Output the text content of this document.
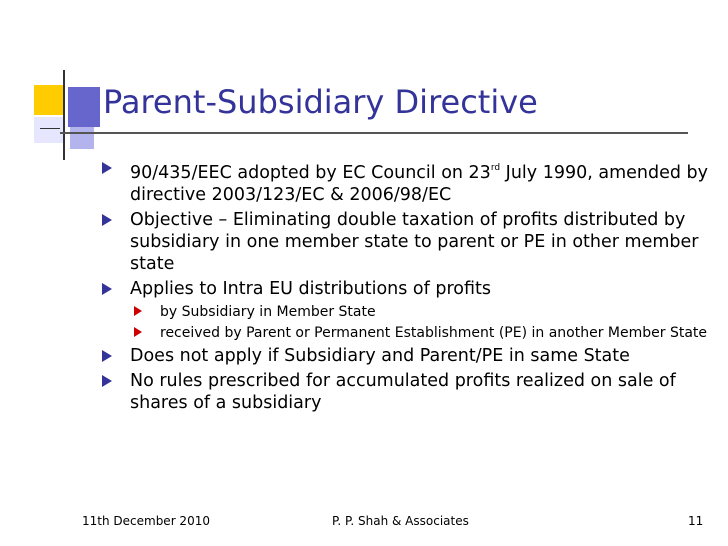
Parent-Subsidiary Directive
90/435/EEC adopted by EC Council on 23rd July 1990, amended by directive 2003/123/EC & 2006/98/EC
Objective – Eliminating double taxation of profits distributed by subsidiary in one member state to parent or PE in other member state
Applies to Intra EU distributions of profits
by Subsidiary in Member State
received by Parent or Permanent Establishment (PE) in another Member State
Does not apply if Subsidiary and Parent/PE in same State
No rules prescribed for accumulated profits realized on sale of shares of a subsidiary
11th December 2010	P. P. Shah & Associates	11
